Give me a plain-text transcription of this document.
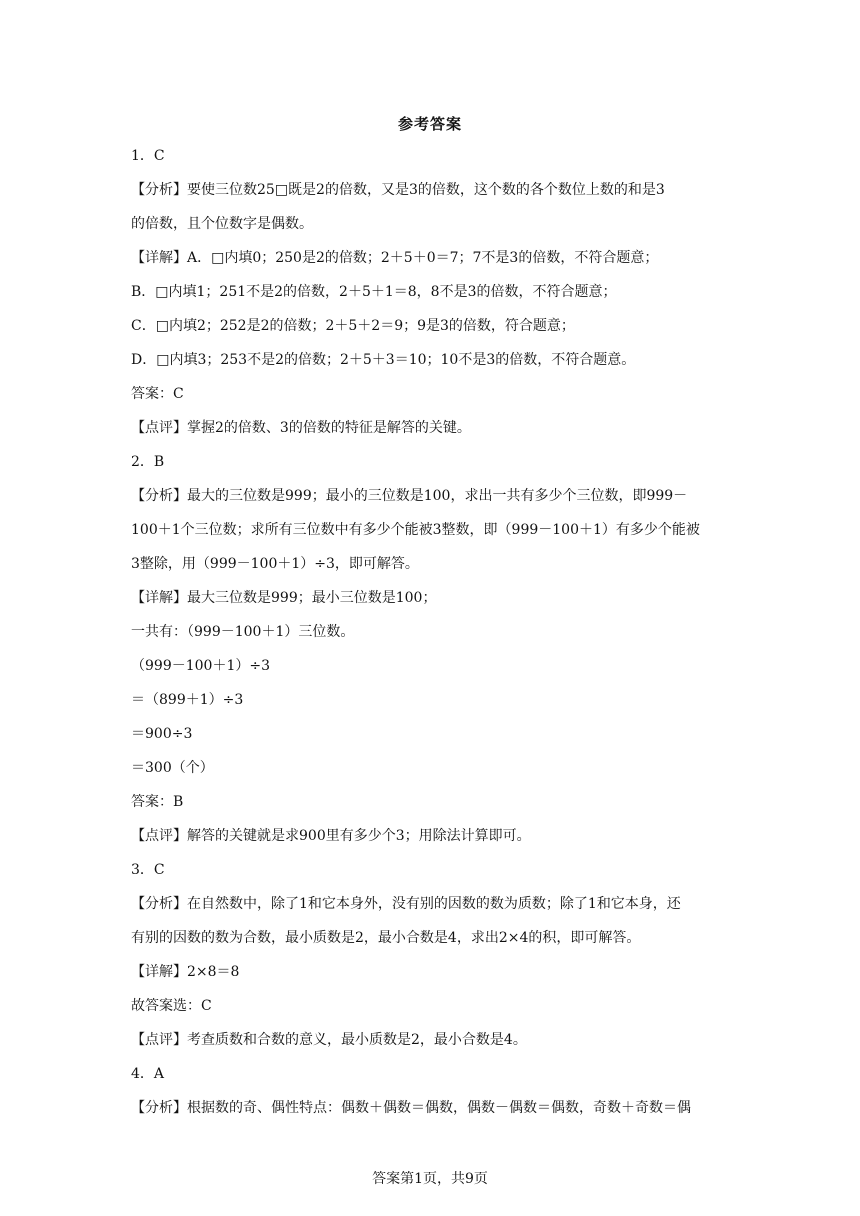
参考答案
1．C
【分析】要使三位数25□既是2的倍数，又是3的倍数，这个数的各个数位上数的和是3
的倍数，且个位数字是偶数。
【详解】A．□内填0；250是2的倍数；2＋5＋0＝7；7不是3的倍数，不符合题意；
B．□内填1；251不是2的倍数，2＋5＋1＝8，8不是3的倍数，不符合题意；
C．□内填2；252是2的倍数；2＋5＋2＝9；9是3的倍数，符合题意；
D．□内填3；253不是2的倍数；2＋5＋3＝10；10不是3的倍数，不符合题意。
答案：C
【点评】掌握2的倍数、3的倍数的特征是解答的关键。
2．B
【分析】最大的三位数是999；最小的三位数是100，求出一共有多少个三位数，即999－
100＋1个三位数；求所有三位数中有多少个能被3整数，即（999－100＋1）有多少个能被
3整除，用（999－100＋1）÷3，即可解答。
【详解】最大三位数是999；最小三位数是100；
一共有：（999－100＋1）三位数。
（999－100＋1）÷3
＝（899＋1）÷3
＝900÷3
＝300（个）
答案：B
【点评】解答的关键就是求900里有多少个3；用除法计算即可。
3．C
【分析】在自然数中，除了1和它本身外，没有别的因数的数为质数；除了1和它本身，还
有别的因数的数为合数，最小质数是2，最小合数是4，求出2×4的积，即可解答。
【详解】2×8＝8
故答案选：C
【点评】考查质数和合数的意义，最小质数是2，最小合数是4。
4．A
【分析】根据数的奇、偶性特点：偶数＋偶数＝偶数，偶数－偶数＝偶数，奇数＋奇数＝偶
答案第1页，共9页
